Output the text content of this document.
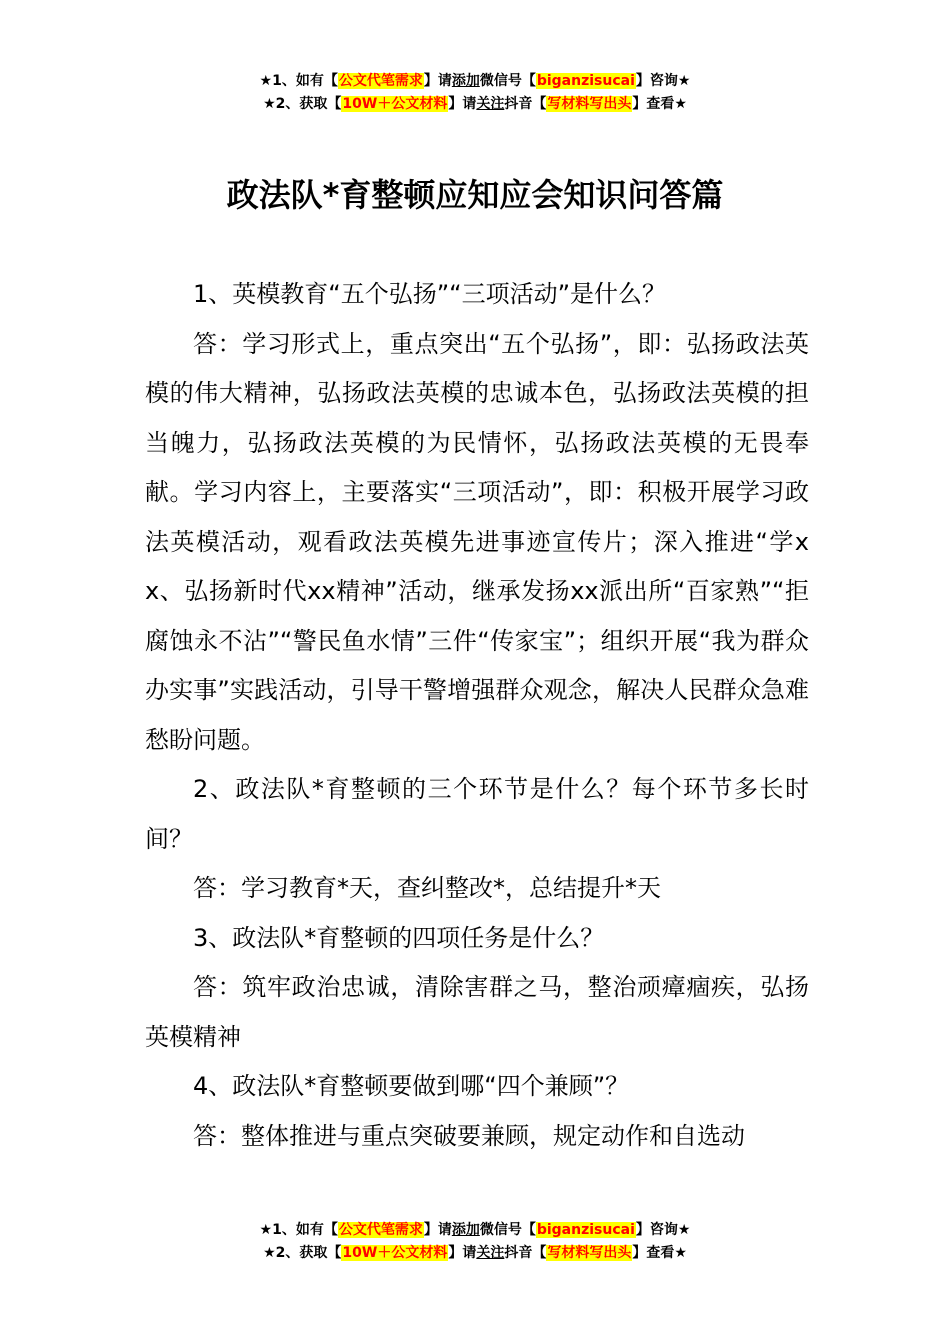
★1、如有【公文代笔需求】请添加微信号【biganzisucai】咨询★
★2、获取【10W＋公文材料】请关注抖音【写材料写出头】查看★
政法队*育整顿应知应会知识问答篇

1、英模教育“五个弘扬”“三项活动”是什么？

答：学习形式上，重点突出“五个弘扬”，即：弘扬政法英模的伟大精神，弘扬政法英模的忠诚本色，弘扬政法英模的担当魄力，弘扬政法英模的为民情怀，弘扬政法英模的无畏奉献。学习内容上，主要落实“三项活动”，即：积极开展学习政法英模活动，观看政法英模先进事迹宣传片；深入推进“学xx、弘扬新时代xx精神”活动，继承发扬xx派出所“百家熟”“拒腐蚀永不沾”“警民鱼水情”三件“传家宝”；组织开展“我为群众办实事”实践活动，引导干警增强群众观念，解决人民群众急难愁盼问题。

2、政法队*育整顿的三个环节是什么？每个环节多长时间？

答：学习教育*天，查纠整改*，总结提升*天

3、政法队*育整顿的四项任务是什么？

答：筑牢政治忠诚，清除害群之马，整治顽瘴痼疾，弘扬英模精神

4、政法队*育整顿要做到哪“四个兼顾”？

答：整体推进与重点突破要兼顾，规定动作和自选动

★1、如有【公文代笔需求】请添加微信号【biganzisucai】咨询★
★2、获取【10W＋公文材料】请关注抖音【写材料写出头】查看★
